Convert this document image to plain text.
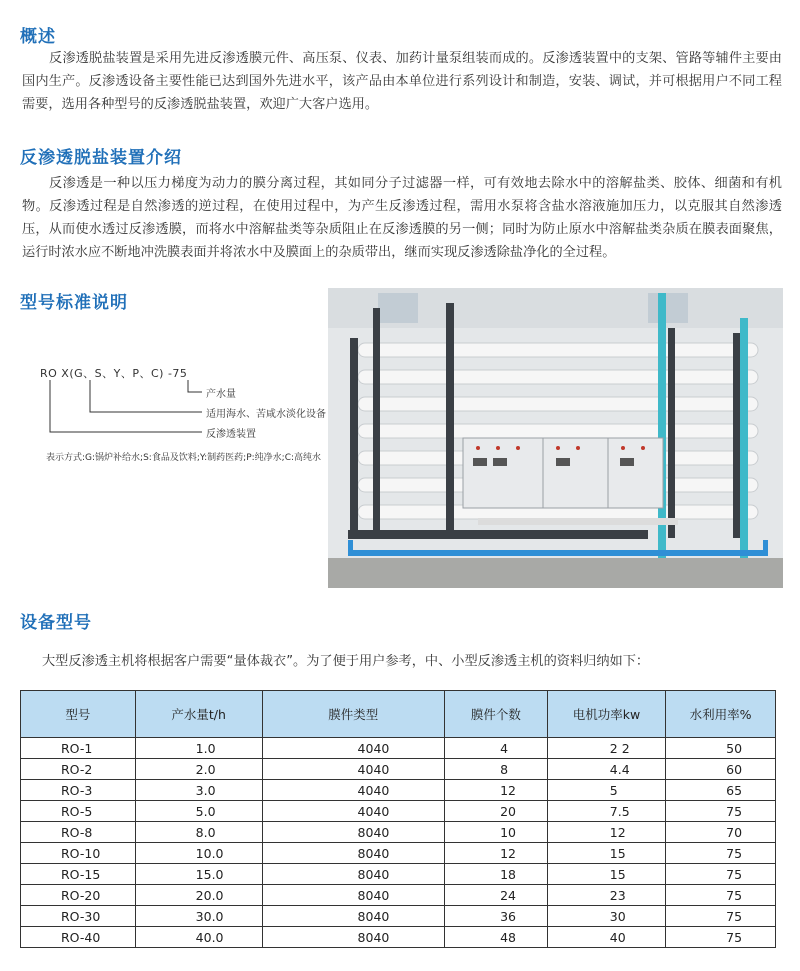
概述

反渗透脱盐装置是采用先进反渗透膜元件、高压泵、仪表、加药计量泵组装而成的。反渗透装置中的支架、管路等辅件主要由国内生产。反渗透设备主要性能已达到国外先进水平，该产品由本单位进行系列设计和制造，安装、调试，并可根据用户不同工程需要，选用各种型号的反渗透脱盐装置，欢迎广大客户选用。

反渗透脱盐装置介绍

反渗透是一种以压力梯度为动力的膜分离过程，其如同分子过滤器一样，可有效地去除水中的溶解盐类、胶体、细菌和有机物。反渗透过程是自然渗透的逆过程，在使用过程中，为产生反渗透过程，需用水泵将含盐水溶液施加压力，以克服其自然渗透压，从而使水透过反渗透膜，而将水中溶解盐类等杂质阻止在反渗透膜的另一侧；同时为防止原水中溶解盐类杂质在膜表面聚焦，运行时浓水应不断地冲洗膜表面并将浓水中及膜面上的杂质带出，继而实现反渗透除盐净化的全过程。

型号标准说明
RO X(G、S、Y、P、C) -75
产水量
适用海水、苦咸水淡化设备
反渗透装置
表示方式:G:锅炉补给水;S:食品及饮料;Y:制药医药;P:纯净水;C:高纯水
设备型号

大型反渗透主机将根据客户需要“量体裁衣”。为了便于用户参考，中、小型反渗透主机的资料归纳如下：

型号	产水量t/h	膜件类型	膜件个数	电机功率kw	水利用率%
RO-1	1.0	4040	4	2 2	50
RO-2	2.0	4040	8	4.4	60
RO-3	3.0	4040	12	5	65
RO-5	5.0	4040	20	7.5	75
RO-8	8.0	8040	10	12	70
RO-10	10.0	8040	12	15	75
RO-15	15.0	8040	18	15	75
RO-20	20.0	8040	24	23	75
RO-30	30.0	8040	36	30	75
RO-40	40.0	8040	48	40	75
